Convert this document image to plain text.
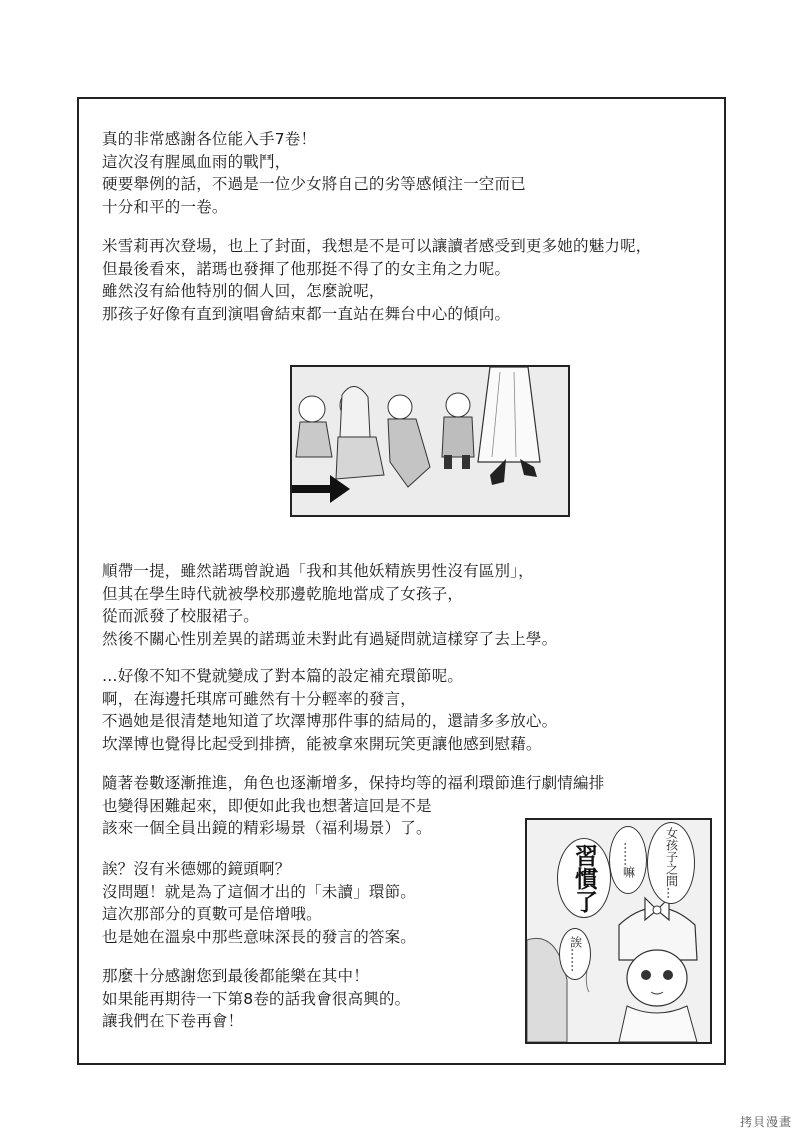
真的非常感謝各位能入手7卷！
這次沒有腥風血雨的戰鬥，
硬要舉例的話，不過是一位少女將自己的劣等感傾注一空而已
十分和平的一卷。
米雪莉再次登場，也上了封面，我想是不是可以讓讀者感受到更多她的魅力呢，
但最後看來，諾瑪也發揮了他那挺不得了的女主角之力呢。
雖然沒有給他特別的個人回，怎麼說呢，
那孩子好像有直到演唱會結束都一直站在舞台中心的傾向。
順帶一提，雖然諾瑪曾說過「我和其他妖精族男性沒有區別」，
但其在學生時代就被學校那邊乾脆地當成了女孩子，
從而派發了校服裙子。
然後不關心性別差異的諾瑪並未對此有過疑問就這樣穿了去上學。
…好像不知不覺就變成了對本篇的設定補充環節呢。
啊，在海邊托琪席可雖然有十分輕率的發言，
不過她是很清楚地知道了坎澤博那件事的結局的，還請多多放心。
坎澤博也覺得比起受到排擠，能被拿來開玩笑更讓他感到慰藉。
隨著卷數逐漸推進，角色也逐漸增多，保持均等的福利環節進行劇情編排
也變得困難起來，即便如此我也想著這回是不是
該來一個全員出鏡的精彩場景（福利場景）了。
誒？沒有米德娜的鏡頭啊？
沒問題！就是為了這個才出的「未讀」環節。
這次那部分的頁數可是倍增哦。
也是她在溫泉中那些意味深長的發言的答案。
那麼十分感謝您到最後都能樂在其中！
如果能再期待一下第8卷的話我會很高興的。
讓我們在下卷再會！
習慣了 ……嘛 女孩子之間…
誒……
拷貝漫畫
